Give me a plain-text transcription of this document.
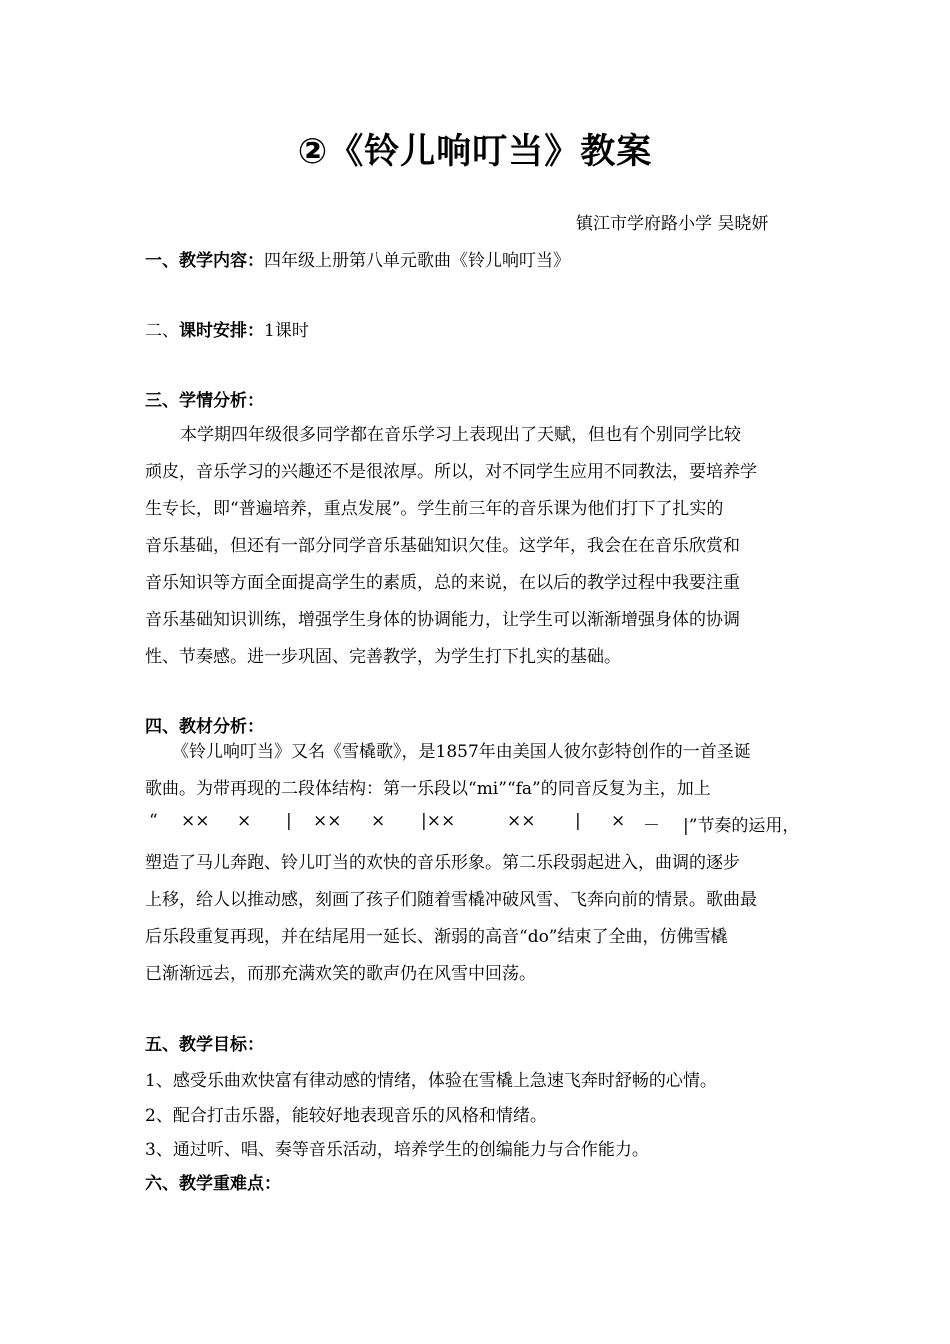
②《铃儿响叮当》教案
镇江市学府路小学 吴晓妍
一、教学内容：四年级上册第八单元歌曲《铃儿响叮当》
二、课时安排：1课时
三、学情分析：
本学期四年级很多同学都在音乐学习上表现出了天赋，但也有个别同学比较
顽皮，音乐学习的兴趣还不是很浓厚。所以，对不同学生应用不同教法，要培养学
生专长，即“普遍培养，重点发展”。学生前三年的音乐课为他们打下了扎实的
音乐基础，但还有一部分同学音乐基础知识欠佳。这学年，我会在在音乐欣赏和
音乐知识等方面全面提高学生的素质，总的来说，在以后的教学过程中我要注重
音乐基础知识训练，增强学生身体的协调能力，让学生可以渐渐增强身体的协调
性、节奏感。进一步巩固、完善教学，为学生打下扎实的基础。
四、教材分析：
《铃儿响叮当》又名《雪橇歌》，是1857年由美国人彼尔彭特创作的一首圣诞
歌曲。为带再现的二段体结构：第一乐段以“mi”“fa”的同音反复为主，加上
“ ×× × | ×× × |××	×× | × － |”节奏的运用，
塑造了马儿奔跑、铃儿叮当的欢快的音乐形象。第二乐段弱起进入，曲调的逐步
上移，给人以推动感，刻画了孩子们随着雪橇冲破风雪、飞奔向前的情景。歌曲最
后乐段重复再现，并在结尾用一延长、渐弱的高音“do”结束了全曲，仿佛雪橇
已渐渐远去，而那充满欢笑的歌声仍在风雪中回荡。
五、教学目标：
1、感受乐曲欢快富有律动感的情绪，体验在雪橇上急速飞奔时舒畅的心情。
2、配合打击乐器，能较好地表现音乐的风格和情绪。
3、通过听、唱、奏等音乐活动，培养学生的创编能力与合作能力。
六、教学重难点：
